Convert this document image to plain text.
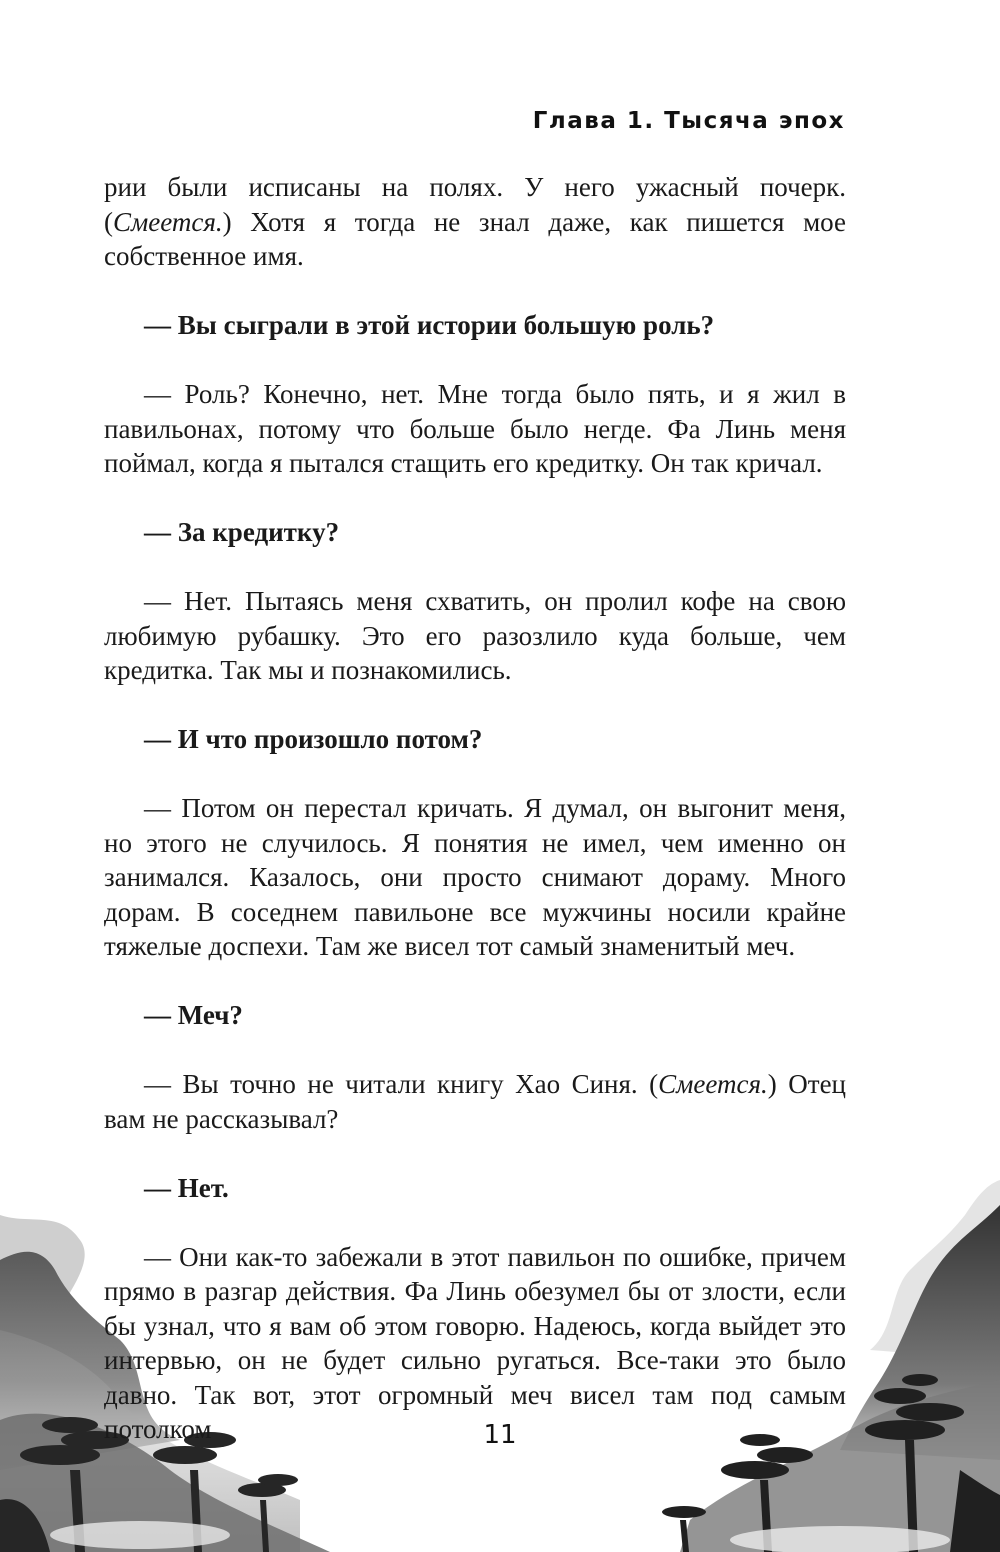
Глава 1. Тысяча эпох

рии были исписаны на полях. У него ужасный почерк. (Смеется.) Хотя я тогда не знал даже, как пишется мое собственное имя.

— Вы сыграли в этой истории большую роль?

— Роль? Конечно, нет. Мне тогда было пять, и я жил в павильонах, потому что больше было негде. Фа Линь меня поймал, когда я пытался стащить его кредитку. Он так кричал.

— За кредитку?

— Нет. Пытаясь меня схватить, он пролил кофе на свою любимую рубашку. Это его разозлило куда больше, чем кредитка. Так мы и познакомились.

— И что произошло потом?

— Потом он перестал кричать. Я думал, он выгонит меня, но этого не случилось. Я понятия не имел, чем именно он занимался. Казалось, они просто снимают дораму. Много дорам. В соседнем павильоне все мужчины носили крайне тяжелые доспехи. Там же висел тот самый знаменитый меч.

— Меч?

— Вы точно не читали книгу Хао Синя. (Смеется.) Отец вам не рассказывал?

— Нет.

— Они как-то забежали в этот павильон по ошибке, причем прямо в разгар действия. Фа Линь обезумел бы от злости, если бы узнал, что я вам об этом говорю. Надеюсь, когда выйдет это интервью, он не будет сильно ругаться. Все-таки это было давно. Так вот, этот огромный меч висел там под самым потолком	11
